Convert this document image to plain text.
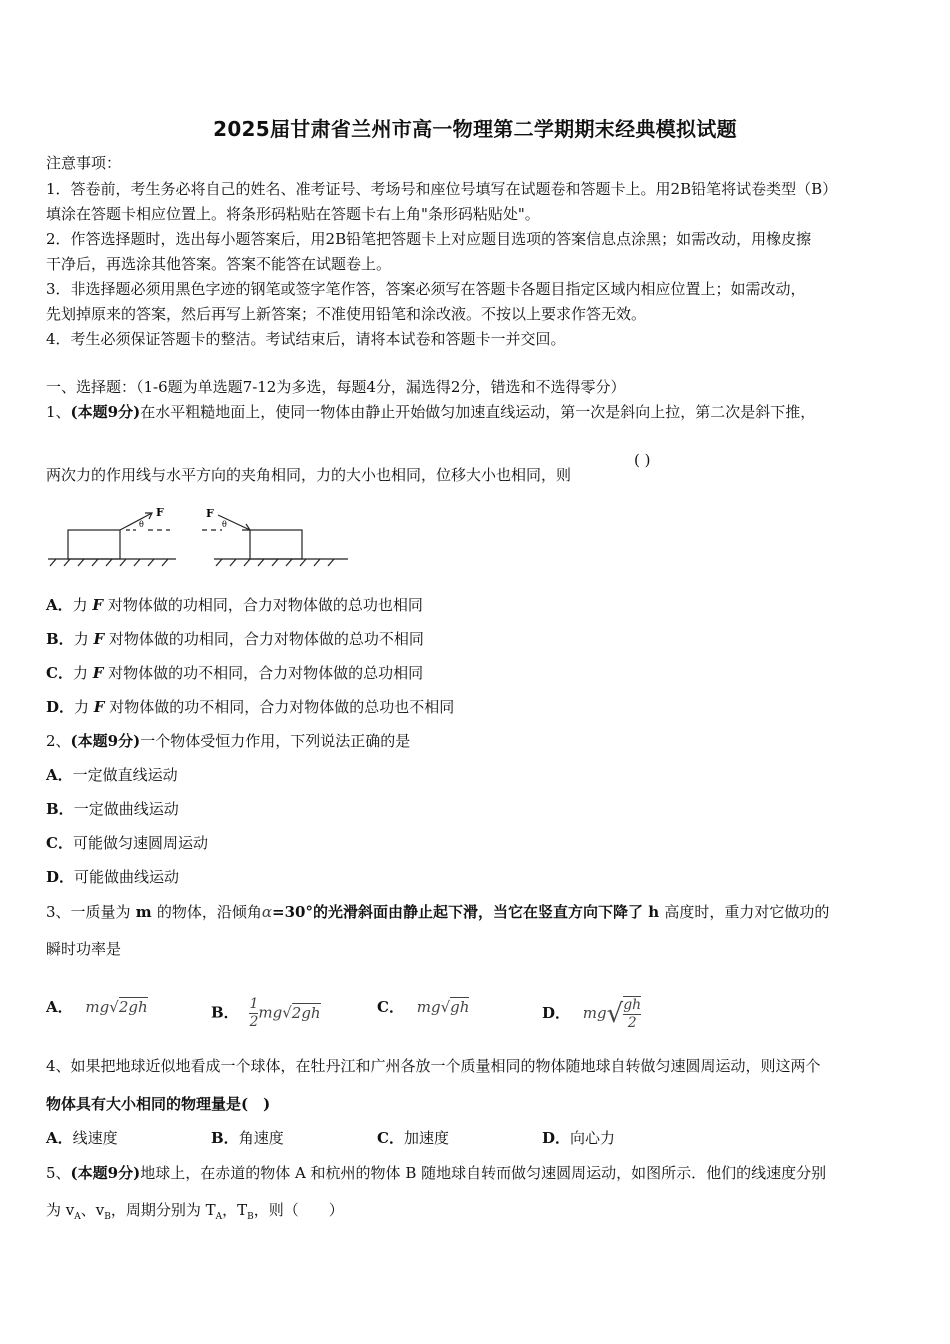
2025届甘肃省兰州市高一物理第二学期期末经典模拟试题
注意事项：
1．答卷前，考生务必将自己的姓名、准考证号、考场号和座位号填写在试题卷和答题卡上。用2B铅笔将试卷类型（B）
填涂在答题卡相应位置上。将条形码粘贴在答题卡右上角"条形码粘贴处"。
2．作答选择题时，选出每小题答案后，用2B铅笔把答题卡上对应题目选项的答案信息点涂黑；如需改动，用橡皮擦
干净后，再选涂其他答案。答案不能答在试题卷上。
3．非选择题必须用黑色字迹的钢笔或签字笔作答，答案必须写在答题卡各题目指定区域内相应位置上；如需改动，
先划掉原来的答案，然后再写上新答案；不准使用铅笔和涂改液。不按以上要求作答无效。
4．考生必须保证答题卡的整洁。考试结束后，请将本试卷和答题卡一并交回。
一、选择题：（1-6题为单选题7-12为多选，每题4分，漏选得2分，错选和不选得零分）
1、(本题9分)在水平粗糙地面上，使同一物体由静止开始做匀加速直线运动，第一次是斜向上拉，第二次是斜下推，
两次力的作用线与水平方向的夹角相同，力的大小也相同，位移大小也相同，则
( )
F	F
θ	θ
A．力 F 对物体做的功相同，合力对物体做的总功也相同
B．力 F 对物体做的功相同，合力对物体做的总功不相同
C．力 F 对物体做的功不相同，合力对物体做的总功相同
D．力 F 对物体做的功不相同，合力对物体做的总功也不相同
2、(本题9分)一个物体受恒力作用，下列说法正确的是
A．一定做直线运动
B．一定做曲线运动
C．可能做匀速圆周运动
D．可能做曲线运动
3、一质量为 m 的物体，沿倾角α=30°的光滑斜面由静止起下滑，当它在竖直方向下降了 h 高度时，重力对它做功的
瞬时功率是
A． mg√2gh	B． $\frac{1}{2} mg√2gh$	C． mg√gh	D． $mg√ \frac{gh}{2}$
4、如果把地球近似地看成一个球体，在牡丹江和广州各放一个质量相同的物体随地球自转做匀速圆周运动，则这两个
物体具有大小相同的物理量是(　)
A．线速度	B．角速度	C．加速度	D．向心力
5、(本题9分)地球上，在赤道的物体 A 和杭州的物体 B 随地球自转而做匀速圆周运动，如图所示．他们的线速度分别
为 $v_A$、$v_B$，周期分别为 $T_A$，$T_B$，则（　　）
